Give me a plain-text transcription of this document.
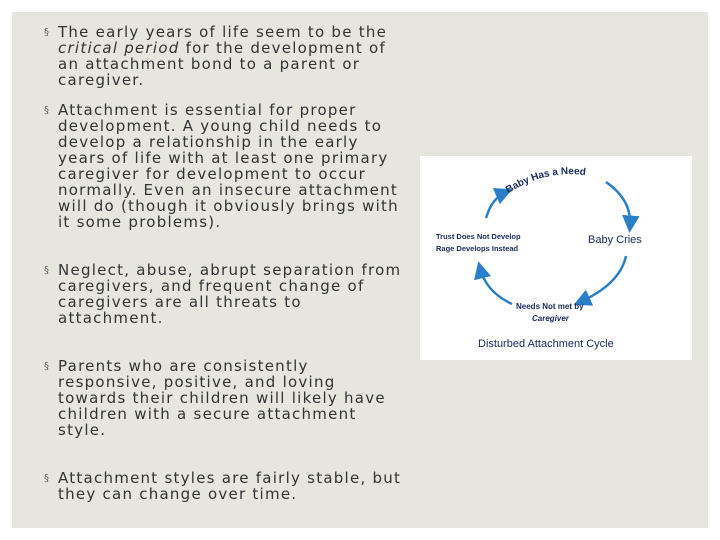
§ The early years of life seem to be the critical period for the development of an attachment bond to a parent or caregiver.
§ Attachment is essential for proper development. A young child needs to develop a relationship in the early years of life with at least one primary caregiver for development to occur normally. Even an insecure attachment will do (though it obviously brings with it some problems).
§ Neglect, abuse, abrupt separation from caregivers, and frequent change of caregivers are all threats to attachment.
§ Parents who are consistently responsive, positive, and loving towards their children will likely have children with a secure attachment style.
§ Attachment styles are fairly stable, but they can change over time.
Baby Has a Need
Baby Cries
Needs Not met by
Caregiver
Trust Does Not Develop
Rage Develops Instead
Disturbed Attachment Cycle
